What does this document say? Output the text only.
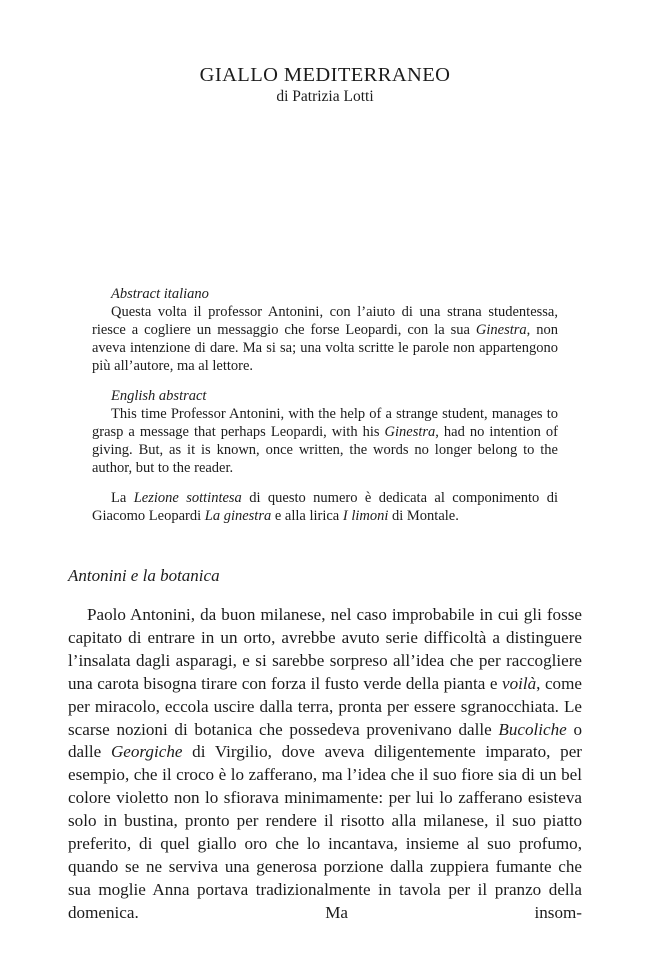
GIALLO MEDITERRANEO
di Patrizia Lotti
Abstract italiano
Questa volta il professor Antonini, con l’aiuto di una strana studentessa, riesce a cogliere un messaggio che forse Leopardi, con la sua Ginestra, non aveva intenzione di dare. Ma si sa; una volta scritte le parole non appartengono più all’autore, ma al lettore.
English abstract
This time Professor Antonini, with the help of a strange student, manages to grasp a message that perhaps Leopardi, with his Ginestra, had no intention of giving. But, as it is known, once written, the words no longer belong to the author, but to the reader.
La Lezione sottintesa di questo numero è dedicata al componimento di Giacomo Leopardi La ginestra e alla lirica I limoni di Montale.
Antonini e la botanica
Paolo Antonini, da buon milanese, nel caso improbabile in cui gli fosse capitato di entrare in un orto, avrebbe avuto serie difficoltà a distinguere l’insalata dagli asparagi, e si sarebbe sorpreso all’idea che per raccogliere una carota bisogna tirare con forza il fusto verde della pianta e voilà, come per miracolo, eccola uscire dalla terra, pronta per essere sgranocchiata. Le scarse nozioni di botanica che possedeva provenivano dalle Bucoliche o dalle Georgiche di Virgilio, dove aveva diligentemente imparato, per esempio, che il croco è lo zafferano, ma l’idea che il suo fiore sia di un bel colore violetto non lo sfiorava minimamente: per lui lo zafferano esisteva solo in bustina, pronto per rendere il risotto alla milanese, il suo piatto preferito, di quel giallo oro che lo incantava, insieme al suo profumo, quando se ne serviva una generosa porzione dalla zuppiera fumante che sua moglie Anna portava tradizionalmente in tavola per il pranzo della domenica. Ma insom-
